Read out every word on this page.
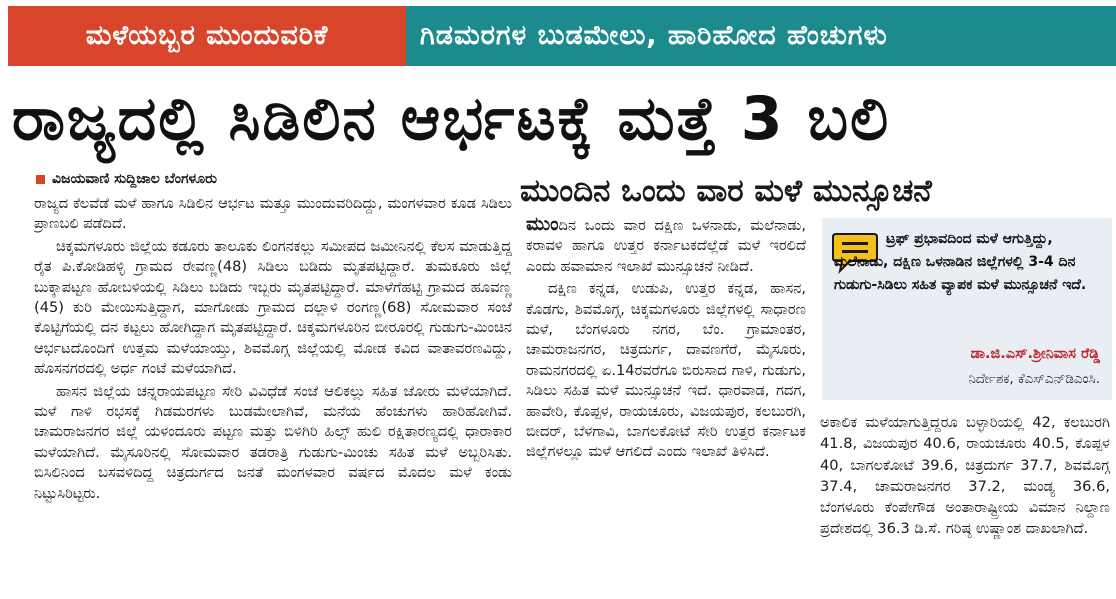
ಮಳೆಯಬ್ಬರ ಮುಂದುವರಿಕೆ	ಗಿಡಮರಗಳ ಬುಡಮೇಲು, ಹಾರಿಹೋದ ಹೆಂಚುಗಳು
ರಾಜ್ಯದಲ್ಲಿ ಸಿಡಿಲಿನ ಆರ್ಭಟಕ್ಕೆ ಮತ್ತೆ 3 ಬಲಿ
ವಿಜಯವಾಣಿ ಸುದ್ದಿಜಾಲ ಬೆಂಗಳೂರು

ರಾಜ್ಯದ ಕೆಲವೆಡೆ ಮಳೆ ಹಾಗೂ ಸಿಡಿಲಿನ ಆರ್ಭಟ ಮತ್ತೂ ಮುಂದುವರಿದಿದ್ದು, ಮಂಗಳವಾರ ಕೂಡ ಸಿಡಿಲು ಪ್ರಾಣಬಲಿ ಪಡೆದಿದೆ.

ಚಿಕ್ಕಮಗಳೂರು ಜಿಲ್ಲೆಯ ಕಡೂರು ತಾಲೂಕು ಲಿಂಗನಕಲ್ಲು ಸಮೀಪದ ಜಮೀನಿನಲ್ಲಿ ಕೆಲಸ ಮಾಡುತ್ತಿದ್ದ ರೈತ ಪಿ.ಕೋಡಿಹಳ್ಳಿ ಗ್ರಾಮದ ರೇವಣ್ಣ(48) ಸಿಡಿಲು ಬಡಿದು ಮೃತಪಟ್ಟಿದ್ದಾರೆ. ತುಮಕೂರು ಜಿಲ್ಲೆ ಬುಕ್ಕಾಪಟ್ಟಣ ಹೋಬಳಿಯಲ್ಲಿ ಸಿಡಿಲು ಬಡಿದು ಇಬ್ಬರು ಮೃತಪಟ್ಟಿದ್ದಾರೆ. ಮಾಳೆಗೆಹಟ್ಟಿ ಗ್ರಾಮದ ಹೂವಣ್ಣ (45) ಕುರಿ ಮೇಯಿಸುತ್ತಿದ್ದಾಗ, ಮಾಗೋಡು ಗ್ರಾಮದ ದಲ್ಲಾಳಿ ರಂಗಣ್ಣ(68) ಸೋಮವಾರ ಸಂಜೆ ಕೊಟ್ಟಿಗೆಯಲ್ಲಿ ದನ ಕಟ್ಟಲು ಹೋಗಿದ್ದಾಗ ಮೃತಪಟ್ಟಿದ್ದಾರೆ. ಚಿಕ್ಕಮಗಳೂರಿನ ಬೀರೂರಲ್ಲಿ ಗುಡುಗು-ಮಿಂಚಿನ ಆರ್ಭಟದೊಂದಿಗೆ ಉತ್ತಮ ಮಳೆಯಾಯ್ತು, ಶಿವಮೊಗ್ಗ ಜಿಲ್ಲೆಯಲ್ಲಿ ಮೋಡ ಕವಿದ ವಾತಾವರಣವಿದ್ದು, ಹೊಸನಗರದಲ್ಲಿ ಅರ್ಧ ಗಂಟೆ ಮಳೆಯಾಗಿದೆ.

ಹಾಸನ ಜಿಲ್ಲೆಯ ಚನ್ನರಾಯಪಟ್ಟಣ ಸೇರಿ ವಿವಿಧೆಡೆ ಸಂಜೆ ಆಲಿಕಲ್ಲು ಸಹಿತ ಜೋರು ಮಳೆಯಾಗಿದೆ. ಮಳೆ ಗಾಳಿ ರಭಸಕ್ಕೆ ಗಿಡಮರಗಳು ಬುಡಮೇಲಾಗಿವೆ, ಮನೆಯ ಹೆಂಚುಗಳು ಹಾರಿಹೋಗಿವೆ. ಚಾಮರಾಜನಗರ ಜಿಲ್ಲೆ ಯಳಂದೂರು ಪಟ್ಟಣ ಮತ್ತು ಬಿಳಿಗಿರಿ ಹಿಲ್ಸ್ ಹುಲಿ ರಕ್ಷಿತಾರಣ್ಯದಲ್ಲಿ ಧಾರಾಕಾರ ಮಳೆಯಾಗಿದೆ. ಮೈಸೂರಿನಲ್ಲಿ ಸೋಮವಾರ ತಡರಾತ್ರಿ ಗುಡುಗು-ಮಿಂಚು ಸಹಿತ ಮಳೆ ಅಬ್ಬರಿಸಿತು. ಬಿಸಿಲಿನಿಂದ ಬಸವಳಿದಿದ್ದ ಚಿತ್ರದುರ್ಗದ ಜನತೆ ಮಂಗಳವಾರ ವರ್ಷದ ಮೊದಲ ಮಳೆ ಕಂಡು ನಿಟ್ಟುಸಿರಿಟ್ಟರು.

ಮುಂದಿನ ಒಂದು ವಾರ ಮಳೆ ಮುನ್ಸೂಚನೆ

ಮುಂದಿನ ಒಂದು ವಾರ ದಕ್ಷಿಣ ಒಳನಾಡು, ಮಲೆನಾಡು, ಕರಾವಳಿ ಹಾಗೂ ಉತ್ತರ ಕರ್ನಾಟಕದೆಲ್ಲೆಡೆ ಮಳೆ ಇರಲಿದೆ ಎಂದು ಹವಾಮಾನ ಇಲಾಖೆ ಮುನ್ಸೂಚನೆ ನೀಡಿದೆ.

ದಕ್ಷಿಣ ಕನ್ನಡ, ಉಡುಪಿ, ಉತ್ತರ ಕನ್ನಡ, ಹಾಸನ, ಕೊಡಗು, ಶಿವಮೊಗ್ಗ, ಚಿಕ್ಕಮಗಳೂರು ಜಿಲ್ಲೆಗಳಲ್ಲಿ ಸಾಧಾರಣ ಮಳೆ, ಬೆಂಗಳೂರು ನಗರ, ಬೆಂ. ಗ್ರಾಮಾಂತರ, ಚಾಮರಾಜನಗರ, ಚಿತ್ರದುರ್ಗ, ದಾವಣಗೆರೆ, ಮೈಸೂರು, ರಾಮನಗರದಲ್ಲಿ ಏ.14ರವರೆಗೂ ಬಿರುಸಾದ ಗಾಳಿ, ಗುಡುಗು, ಸಿಡಿಲು ಸಹಿತ ಮಳೆ ಮುನ್ಸೂಚನೆ ಇದೆ. ಧಾರವಾಡ, ಗದಗ, ಹಾವೇರಿ, ಕೊಪ್ಪಳ, ರಾಯಚೂರು, ವಿಜಯಪುರ, ಕಲಬುರಗಿ, ಬೀದರ್, ಬೆಳಗಾವಿ, ಬಾಗಲಕೋಟೆ ಸೇರಿ ಉತ್ತರ ಕರ್ನಾಟಕ ಜಿಲ್ಲೆಗಳಲ್ಲೂ ಮಳೆ ಆಗಲಿದೆ ಎಂದು ಇಲಾಖೆ ತಿಳಿಸಿದೆ.

ಟ್ರಫ್ ಪ್ರಭಾವದಿಂದ ಮಳೆ ಆಗುತ್ತಿದ್ದು, ಮಲೆನಾಡು, ದಕ್ಷಿಣ ಒಳನಾಡಿನ ಜಿಲ್ಲೆಗಳಲ್ಲಿ 3-4 ದಿನ ಗುಡುಗು-ಸಿಡಿಲು ಸಹಿತ ವ್ಯಾಪಕ ಮಳೆ ಮುನ್ಸೂಚನೆ ಇದೆ.
ಡಾ.ಜಿ.ಎಸ್.ಶ್ರೀನಿವಾಸ ರೆಡ್ಡಿ
ನಿರ್ದೇಶಕ, ಕೆಎಸ್‌ಎನ್‌ಡಿಎಂಸಿ.

ಅಕಾಲಿಕ ಮಳೆಯಾಗುತ್ತಿದ್ದರೂ ಬಳ್ಳಾರಿಯಲ್ಲಿ 42, ಕಲಬುರಗಿ 41.8, ವಿಜಯಪುರ 40.6, ರಾಯಚೂರು 40.5, ಕೊಪ್ಪಳ 40, ಬಾಗಲಕೋಟೆ 39.6, ಚಿತ್ರದುರ್ಗ 37.7, ಶಿವಮೊಗ್ಗ 37.4, ಚಾಮರಾಜನಗರ 37.2, ಮಂಡ್ಯ 36.6, ಬೆಂಗಳೂರು ಕೆಂಪೇಗೌಡ ಅಂತಾರಾಷ್ಟ್ರೀಯ ವಿಮಾನ ನಿಲ್ದಾಣ ಪ್ರದೇಶದಲ್ಲಿ 36.3 ಡಿ.ಸೆ. ಗರಿಷ್ಠ ಉಷ್ಣಾಂಶ ದಾಖಲಾಗಿದೆ.
